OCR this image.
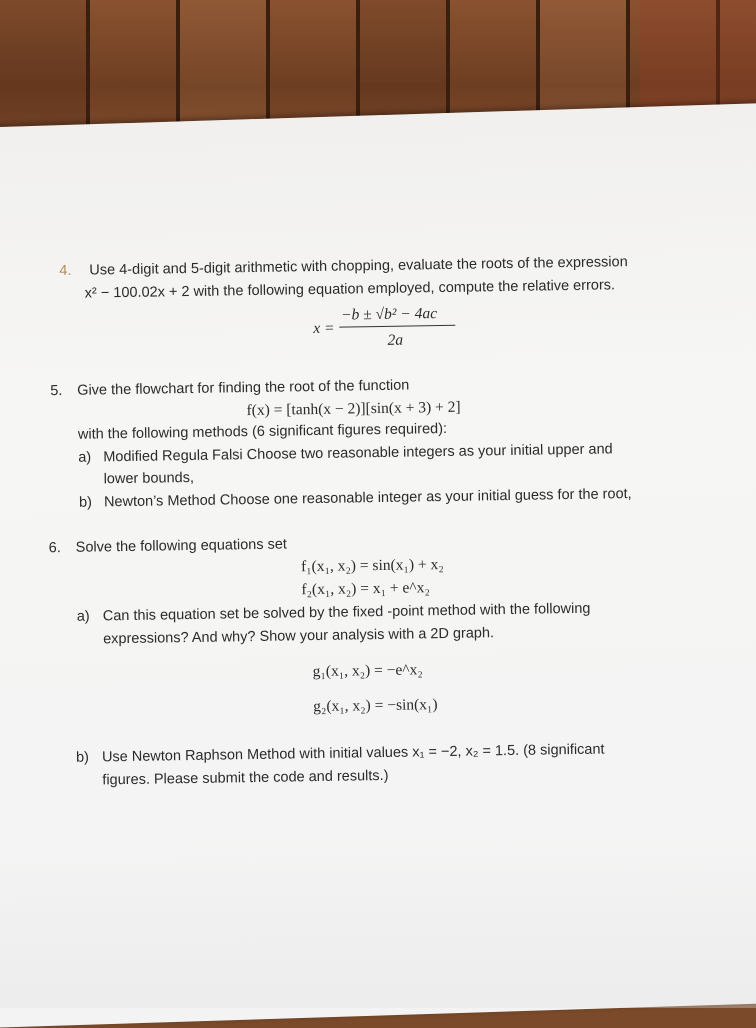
4. Use 4-digit and 5-digit arithmetic with chopping, evaluate the roots of the expression
x² − 100.02x + 2 with the following equation employed, compute the relative errors.
x =
−b ± √b² − 4ac
2a
5. Give the flowchart for finding the root of the function
f(x) = [tanh(x − 2)][sin(x + 3) + 2]
with the following methods (6 significant figures required):
a) Modified Regula Falsi Choose two reasonable integers as your initial upper and
lower bounds,
b) Newton’s Method Choose one reasonable integer as your initial guess for the root,
6. Solve the following equations set
f₁(x₁, x₂) = sin(x₁) + x₂
f₂(x₁, x₂) = x₁ + e^x₂
a) Can this equation set be solved by the fixed -point method with the following
expressions? And why? Show your analysis with a 2D graph.
g₁(x₁, x₂) = −e^x₂
g₂(x₁, x₂) = −sin(x₁)
b) Use Newton Raphson Method with initial values x₁ = −2, x₂ = 1.5. (8 significant
figures. Please submit the code and results.)
